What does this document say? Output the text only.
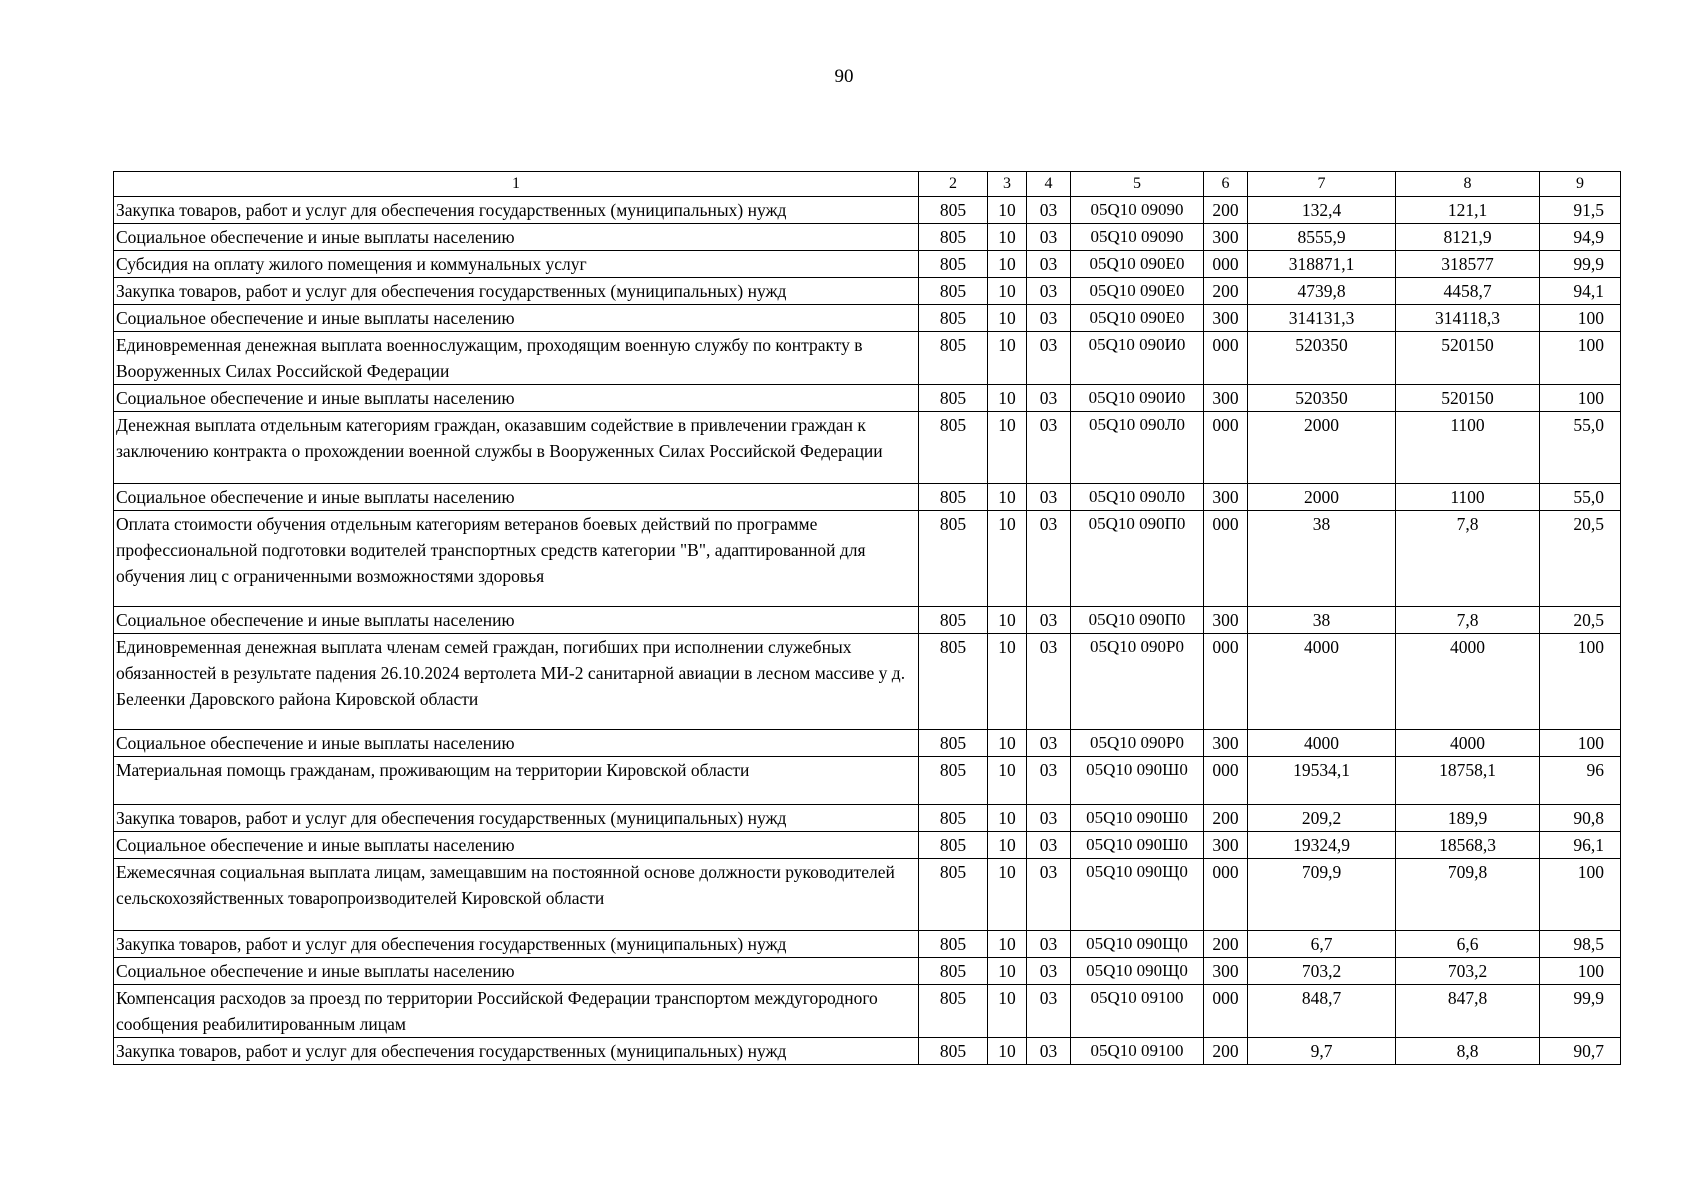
90
1	2	3	4	5	6	7	8	9
Закупка товаров, работ и услуг для обеспечения государственных (муниципальных) нужд	805	10	03	05Q10 09090	200	132,4	121,1	91,5
Социальное обеспечение и иные выплаты населению	805	10	03	05Q10 09090	300	8555,9	8121,9	94,9
Субсидия на оплату жилого помещения и коммунальных услуг	805	10	03	05Q10 090Е0	000	318871,1	318577	99,9
Закупка товаров, работ и услуг для обеспечения государственных (муниципальных) нужд	805	10	03	05Q10 090Е0	200	4739,8	4458,7	94,1
Социальное обеспечение и иные выплаты населению	805	10	03	05Q10 090Е0	300	314131,3	314118,3	100
Единовременная денежная выплата военнослужащим, проходящим военную службу по контракту в Вооруженных Силах Российской Федерации	805	10	03	05Q10 090И0	000	520350	520150	100
Социальное обеспечение и иные выплаты населению	805	10	03	05Q10 090И0	300	520350	520150	100
Денежная выплата отдельным категориям граждан, оказавшим содействие в привлечении граждан к заключению контракта о прохождении военной службы в Вооруженных Силах Российской Федерации	805	10	03	05Q10 090Л0	000	2000	1100	55,0
Социальное обеспечение и иные выплаты населению	805	10	03	05Q10 090Л0	300	2000	1100	55,0
Оплата стоимости обучения отдельным категориям ветеранов боевых действий по программе профессиональной подготовки водителей транспортных средств категории "В", адаптированной для обучения лиц с ограниченными возможностями здоровья	805	10	03	05Q10 090П0	000	38	7,8	20,5
Социальное обеспечение и иные выплаты населению	805	10	03	05Q10 090П0	300	38	7,8	20,5
Единовременная денежная выплата членам семей граждан, погибших при исполнении служебных обязанностей в результате падения 26.10.2024 вертолета МИ-2 санитарной авиации в лесном массиве у д. Белеенки Даровского района Кировской области	805	10	03	05Q10 090Р0	000	4000	4000	100
Социальное обеспечение и иные выплаты населению	805	10	03	05Q10 090Р0	300	4000	4000	100
Материальная помощь гражданам, проживающим на территории Кировской области	805	10	03	05Q10 090Ш0	000	19534,1	18758,1	96
Закупка товаров, работ и услуг для обеспечения государственных (муниципальных) нужд	805	10	03	05Q10 090Ш0	200	209,2	189,9	90,8
Социальное обеспечение и иные выплаты населению	805	10	03	05Q10 090Ш0	300	19324,9	18568,3	96,1
Ежемесячная социальная выплата лицам, замещавшим на постоянной основе должности руководителей сельскохозяйственных товаропроизводителей Кировской области	805	10	03	05Q10 090Щ0	000	709,9	709,8	100
Закупка товаров, работ и услуг для обеспечения государственных (муниципальных) нужд	805	10	03	05Q10 090Щ0	200	6,7	6,6	98,5
Социальное обеспечение и иные выплаты населению	805	10	03	05Q10 090Щ0	300	703,2	703,2	100
Компенсация расходов за проезд по территории Российской Федерации транспортом междугородного сообщения реабилитированным лицам	805	10	03	05Q10 09100	000	848,7	847,8	99,9
Закупка товаров, работ и услуг для обеспечения государственных (муниципальных) нужд	805	10	03	05Q10 09100	200	9,7	8,8	90,7
